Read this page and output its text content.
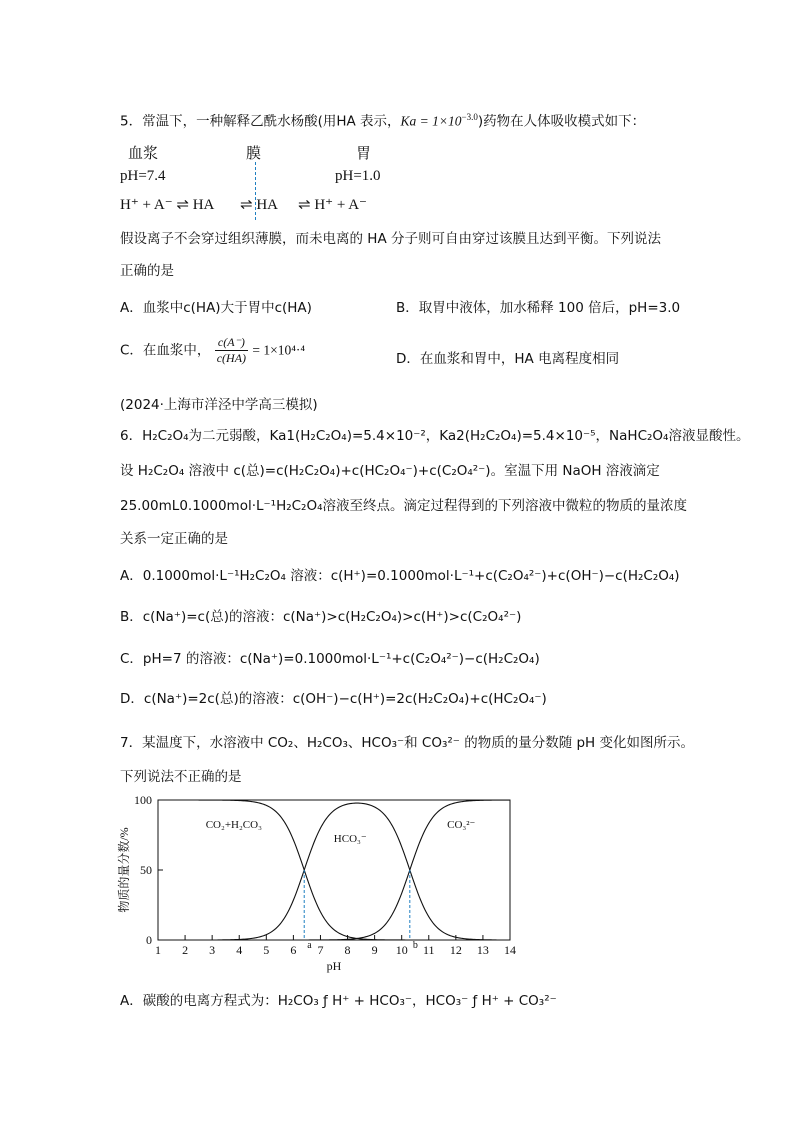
5．常温下，一种解释乙酰水杨酸(用HA 表示，$Ka = 1\times 10^{-3.0}$)药物在人体吸收模式如下：
血浆	膜	胃
pH=7.4	pH=1.0
H⁺ + A⁻ ⇌ HA ⇌ HA ⇌ H⁺ + A⁻
假设离子不会穿过组织薄膜，而未电离的 HA 分子则可自由穿过该膜且达到平衡。下列说法
正确的是
A．血浆中c(HA)大于胃中c(HA)	B．取胃中液体，加水稀释 100 倍后，pH=3.0
C．在血浆中， $\frac{c(A^-)}{c(HA)} = 1\times 10^4\cdot^4$
D．在血浆和胃中，HA 电离程度相同
(2024·上海市洋泾中学高三模拟)
6．H₂C₂O₄为二元弱酸，Ka1(H₂C₂O₄)=5.4×10⁻²，Ka2(H₂C₂O₄)=5.4×10⁻⁵，NaHC₂O₄溶液显酸性。
设 H₂C₂O₄ 溶液中 c(总)=c(H₂C₂O₄)+c(HC₂O₄⁻)+c(C₂O₄²⁻)。室温下用 NaOH 溶液滴定
25.00mL0.1000mol·L⁻¹H₂C₂O₄溶液至终点。滴定过程得到的下列溶液中微粒的物质的量浓度
关系一定正确的是
A．0.1000mol·L⁻¹H₂C₂O₄ 溶液：c(H⁺)=0.1000mol·L⁻¹+c(C₂O₄²⁻)+c(OH⁻)−c(H₂C₂O₄)
B．c(Na⁺)=c(总)的溶液：c(Na⁺)>c(H₂C₂O₄)>c(H⁺)>c(C₂O₄²⁻)
C．pH=7 的溶液：c(Na⁺)=0.1000mol·L⁻¹+c(C₂O₄²⁻)−c(H₂C₂O₄)
D．c(Na⁺)=2c(总)的溶液：c(OH⁻)−c(H⁺)=2c(H₂C₂O₄)+c(HC₂O₄⁻)
7．某温度下，水溶液中 CO₂、H₂CO₃、HCO₃⁻和 CO₃²⁻ 的物质的量分数随 pH 变化如图所示。
下列说法不正确的是
1 2 3 4 5 6 7 8 9 10 11 12 13 14
0
50
100
pH
物质的量分数/%
CO₂+H₂CO₃
HCO₃⁻
CO₃²⁻
a	b
A．碳酸的电离方程式为：H₂CO₃ ƒ H⁺ + HCO₃⁻，HCO₃⁻ ƒ H⁺ + CO₃²⁻
